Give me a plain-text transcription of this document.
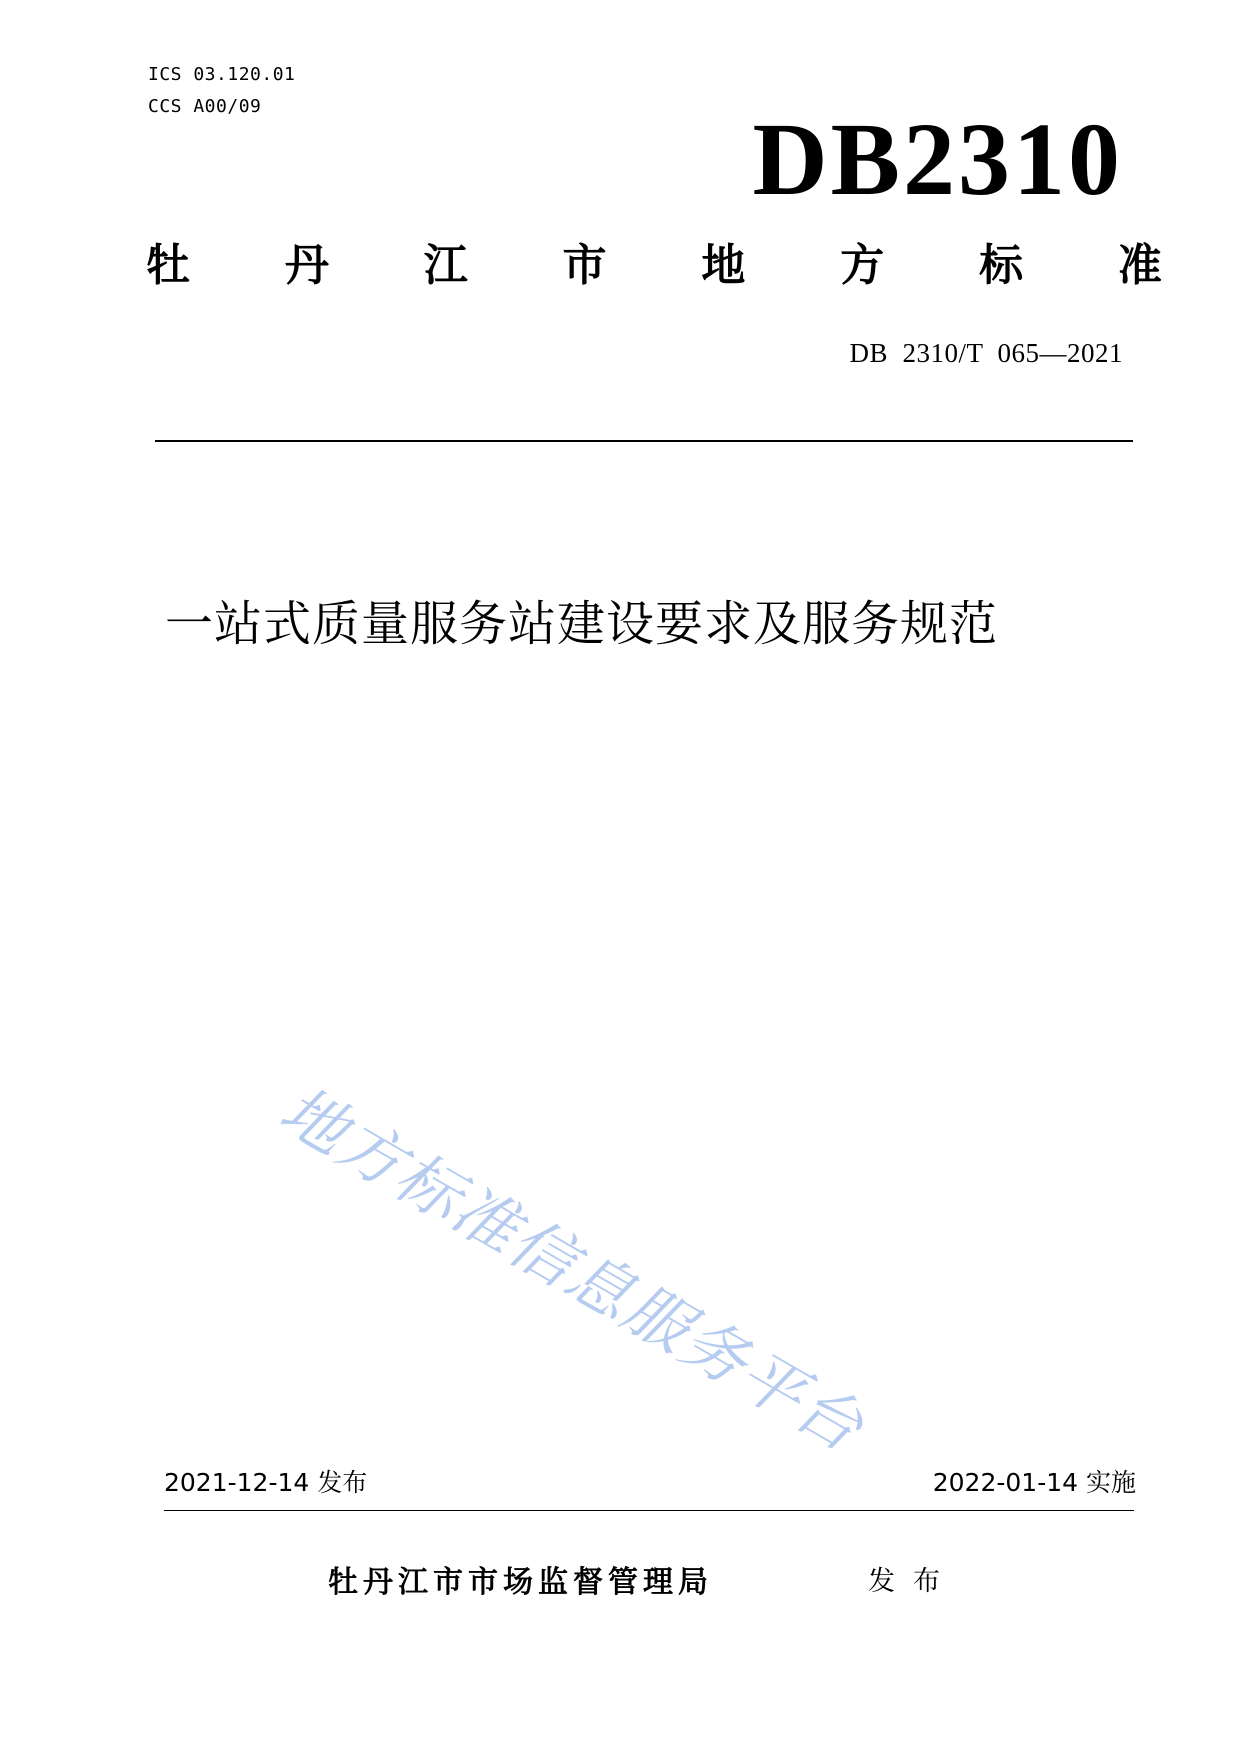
ICS 03.120.01
CCS A00/09	DB2310
牡 丹 江 市 地 方 标 准
DB  2310/T  065—2021
一站式质量服务站建设要求及服务规范
地方标准信息服务平台
2021-12-14 发布	2022-01-14 实施
牡丹江市市场监督管理局	发布
